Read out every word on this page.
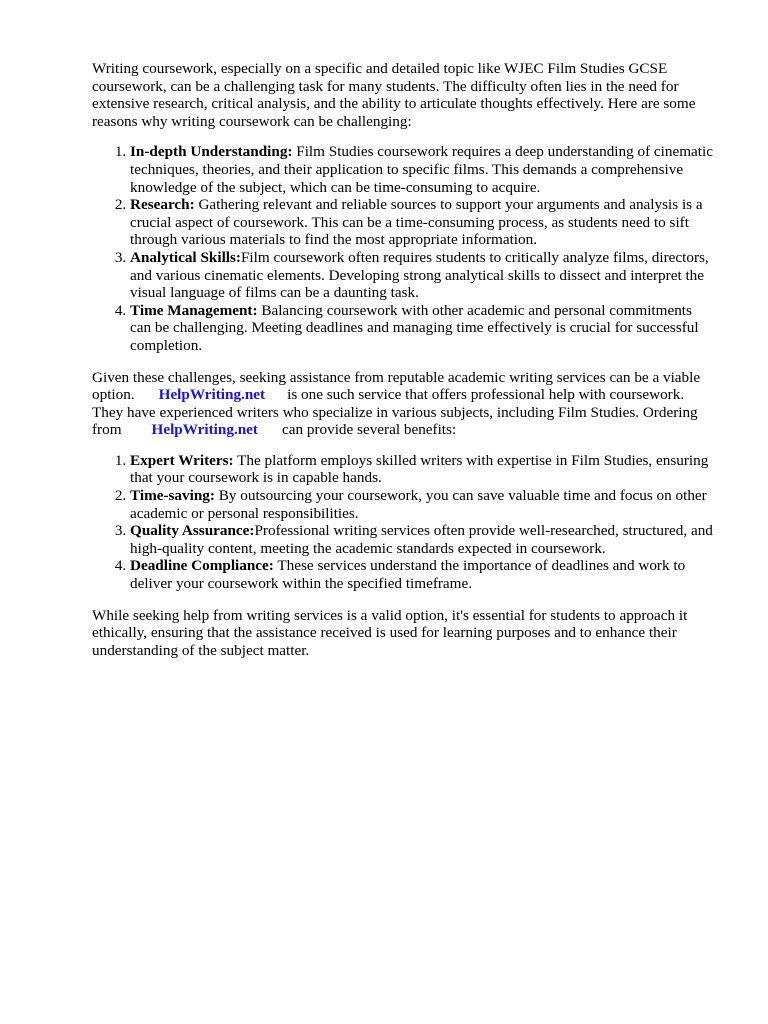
Writing coursework, especially on a specific and detailed topic like WJEC Film Studies GCSE coursework, can be a challenging task for many students. The difficulty often lies in the need for extensive research, critical analysis, and the ability to articulate thoughts effectively. Here are some reasons why writing coursework can be challenging:

1. In-depth Understanding: Film Studies coursework requires a deep understanding of cinematic techniques, theories, and their application to specific films. This demands a comprehensive knowledge of the subject, which can be time-consuming to acquire.
2. Research: Gathering relevant and reliable sources to support your arguments and analysis is a crucial aspect of coursework. This can be a time-consuming process, as students need to sift through various materials to find the most appropriate information.
3. Analytical Skills:Film coursework often requires students to critically analyze films, directors, and various cinematic elements. Developing strong analytical skills to dissect and interpret the visual language of films can be a daunting task.
4. Time Management: Balancing coursework with other academic and personal commitments can be challenging. Meeting deadlines and managing time effectively is crucial for successful completion.

Given these challenges, seeking assistance from reputable academic writing services can be a viable option. HelpWriting.net is one such service that offers professional help with coursework. They have experienced writers who specialize in various subjects, including Film Studies. Ordering from HelpWriting.net can provide several benefits:

1. Expert Writers: The platform employs skilled writers with expertise in Film Studies, ensuring that your coursework is in capable hands.
2. Time-saving: By outsourcing your coursework, you can save valuable time and focus on other academic or personal responsibilities.
3. Quality Assurance:Professional writing services often provide well-researched, structured, and high-quality content, meeting the academic standards expected in coursework.
4. Deadline Compliance: These services understand the importance of deadlines and work to deliver your coursework within the specified timeframe.

While seeking help from writing services is a valid option, it's essential for students to approach it ethically, ensuring that the assistance received is used for learning purposes and to enhance their understanding of the subject matter.
